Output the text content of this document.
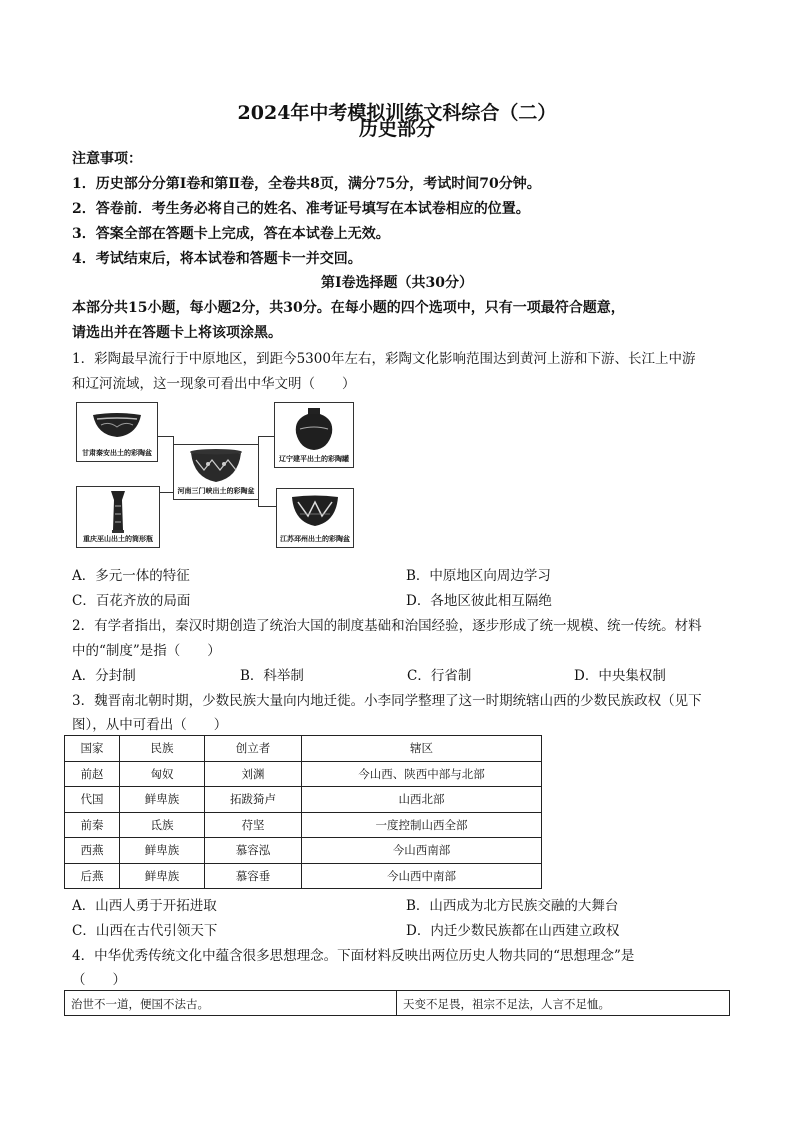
2024年中考模拟训练文科综合（二）
历史部分
注意事项：
1．历史部分分第Ⅰ卷和第Ⅱ卷，全卷共8页，满分75分，考试时间70分钟。
2．答卷前．考生务必将自己的姓名、准考证号填写在本试卷相应的位置。
3．答案全部在答题卡上完成，答在本试卷上无效。
4．考试结束后，将本试卷和答题卡一并交回。
第Ⅰ卷选择题（共30分）
本部分共15小题，每小题2分，共30分。在每小题的四个选项中，只有一项最符合题意，
请选出并在答题卡上将该项涂黑。
1．彩陶最早流行于中原地区，到距今5300年左右，彩陶文化影响范围达到黄河上游和下游、长江上中游
和辽河流域，这一现象可看出中华文明（　　）
甘肃秦安出土的彩陶盆
河南三门峡出土的彩陶盆
辽宁建平出土的彩陶罐
重庆巫山出土的筒形瓶	江苏邳州出土的彩陶盆
A．多元一体的特征	B．中原地区向周边学习
C．百花齐放的局面	D．各地区彼此相互隔绝
2．有学者指出，秦汉时期创造了统治大国的制度基础和治国经验，逐步形成了统一规模、统一传统。材料
中的“制度”是指（　　）
A．分封制	B．科举制	C．行省制	D．中央集权制
3．魏晋南北朝时期，少数民族大量向内地迁徙。小李同学整理了这一时期统辖山西的少数民族政权（见下
图），从中可看出（　　）
国家	民族	创立者	辖区
前赵	匈奴	刘渊	今山西、陕西中部与北部
代国	鲜卑族	拓跋猗卢	山西北部
前秦	氐族	苻坚	一度控制山西全部
西燕	鲜卑族	慕容泓	今山西南部
后燕	鲜卑族	慕容垂	今山西中南部
A．山西人勇于开拓进取	B．山西成为北方民族交融的大舞台
C．山西在古代引领天下	D．内迁少数民族都在山西建立政权
4．中华优秀传统文化中蕴含很多思想理念。下面材料反映出两位历史人物共同的“思想理念”是
（　　）
治世不一道，便国不法古。	天变不足畏，祖宗不足法，人言不足恤。
